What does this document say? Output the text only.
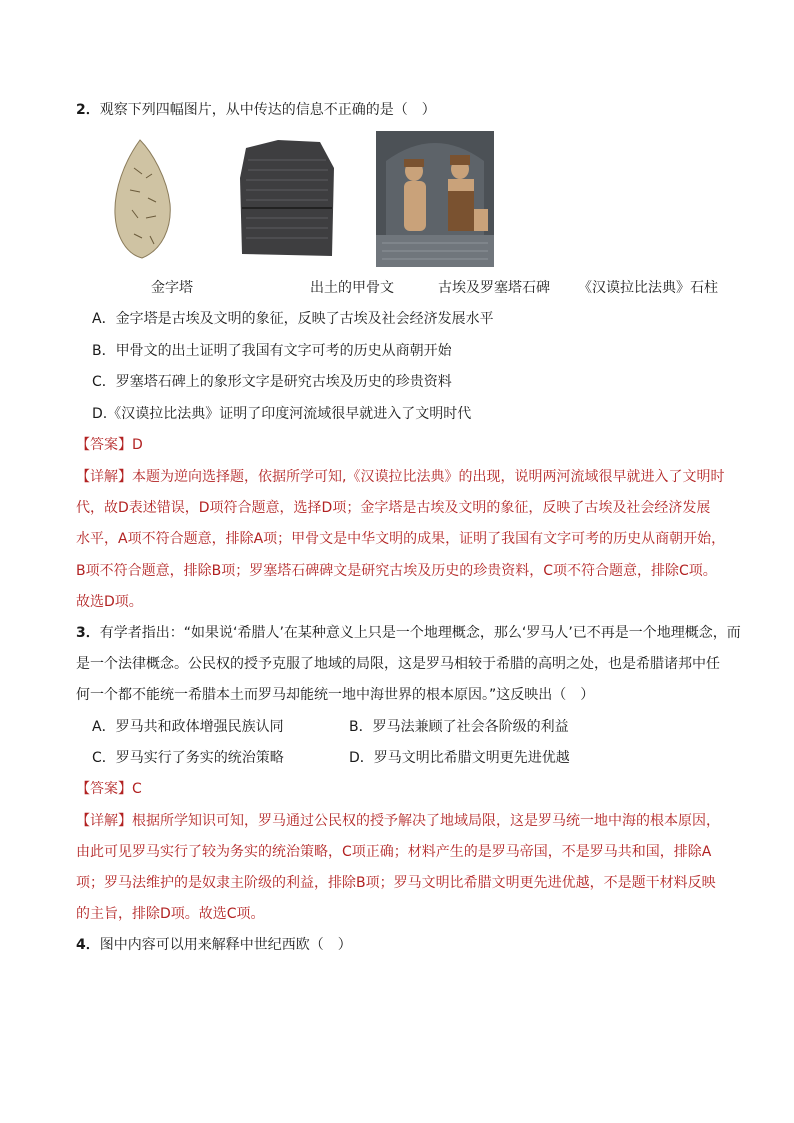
2．观察下列四幅图片，从中传达的信息不正确的是（　）
金字塔	出土的甲骨文	古埃及罗塞塔石碑 《汉谟拉比法典》石柱
A．金字塔是古埃及文明的象征，反映了古埃及社会经济发展水平
B．甲骨文的出土证明了我国有文字可考的历史从商朝开始
C．罗塞塔石碑上的象形文字是研究古埃及历史的珍贵资料
D.《汉谟拉比法典》证明了印度河流域很早就进入了文明时代
【答案】D
【详解】本题为逆向选择题，依据所学可知,《汉谟拉比法典》的出现，说明两河流域很早就进入了文明时
代，故D表述错误，D项符合题意，选择D项；金字塔是古埃及文明的象征，反映了古埃及社会经济发展
水平，A项不符合题意，排除A项；甲骨文是中华文明的成果，证明了我国有文字可考的历史从商朝开始，
B项不符合题意，排除B项；罗塞塔石碑碑文是研究古埃及历史的珍贵资料，C项不符合题意，排除C项。
故选D项。
3．有学者指出：“如果说‘希腊人’在某种意义上只是一个地理概念，那么‘罗马人’已不再是一个地理概念，而
是一个法律概念。公民权的授予克服了地域的局限，这是罗马相较于希腊的高明之处，也是希腊诸邦中任
何一个都不能统一希腊本土而罗马却能统一地中海世界的根本原因。”这反映出（　）
A．罗马共和政体增强民族认同	B．罗马法兼顾了社会各阶级的利益
C．罗马实行了务实的统治策略	D．罗马文明比希腊文明更先进优越
【答案】C
【详解】根据所学知识可知，罗马通过公民权的授予解决了地域局限，这是罗马统一地中海的根本原因，
由此可见罗马实行了较为务实的统治策略，C项正确；材料产生的是罗马帝国，不是罗马共和国，排除A
项；罗马法维护的是奴隶主阶级的利益，排除B项；罗马文明比希腊文明更先进优越，不是题干材料反映
的主旨，排除D项。故选C项。
4．图中内容可以用来解释中世纪西欧（　）
